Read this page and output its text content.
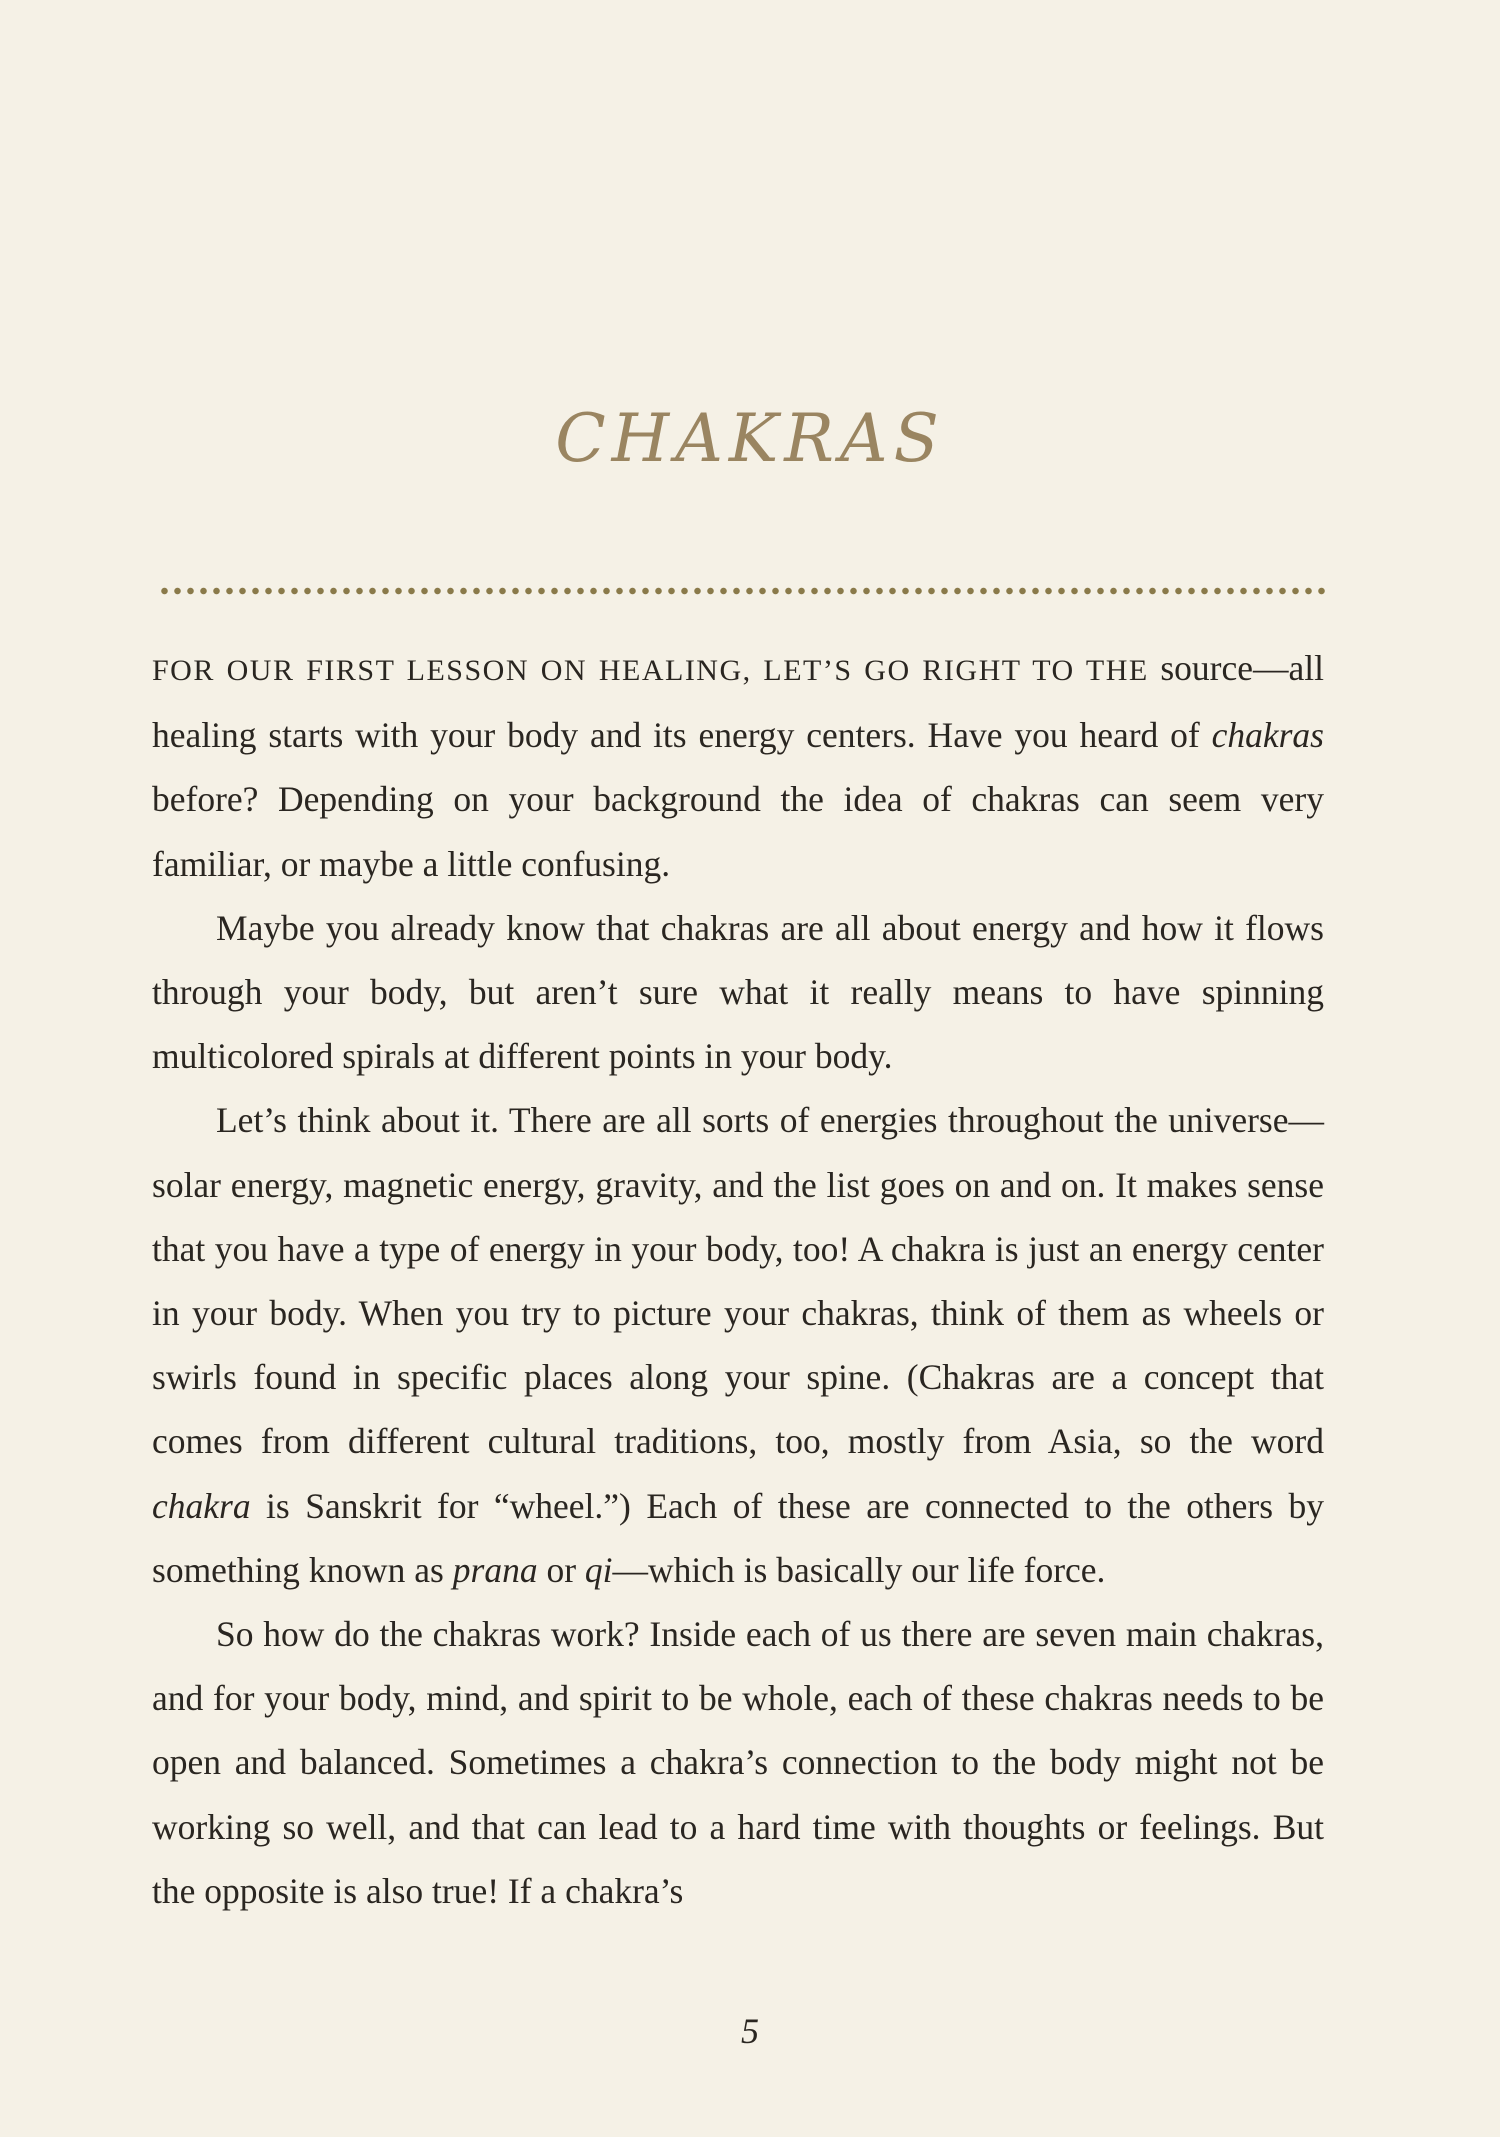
CHAKRAS

FOR OUR FIRST LESSON ON HEALING, LET’S GO RIGHT TO THE source—all healing starts with your body and its energy centers. Have you heard of chakras before? Depending on your background the idea of chakras can seem very familiar, or maybe a little confusing.

Maybe you already know that chakras are all about energy and how it flows through your body, but aren’t sure what it really means to have spinning multicolored spirals at different points in your body.

Let’s think about it. There are all sorts of energies throughout the universe—solar energy, magnetic energy, gravity, and the list goes on and on. It makes sense that you have a type of energy in your body, too! A chakra is just an energy center in your body. When you try to picture your chakras, think of them as wheels or swirls found in specific places along your spine. (Chakras are a concept that comes from different cultural traditions, too, mostly from Asia, so the word chakra is Sanskrit for “wheel.”) Each of these are connected to the others by something known as prana or qi—which is basically our life force.

So how do the chakras work? Inside each of us there are seven main chakras, and for your body, mind, and spirit to be whole, each of these chakras needs to be open and balanced. Sometimes a chakra’s connection to the body might not be working so well, and that can lead to a hard time with thoughts or feelings. But the opposite is also true! If a chakra’s

5
